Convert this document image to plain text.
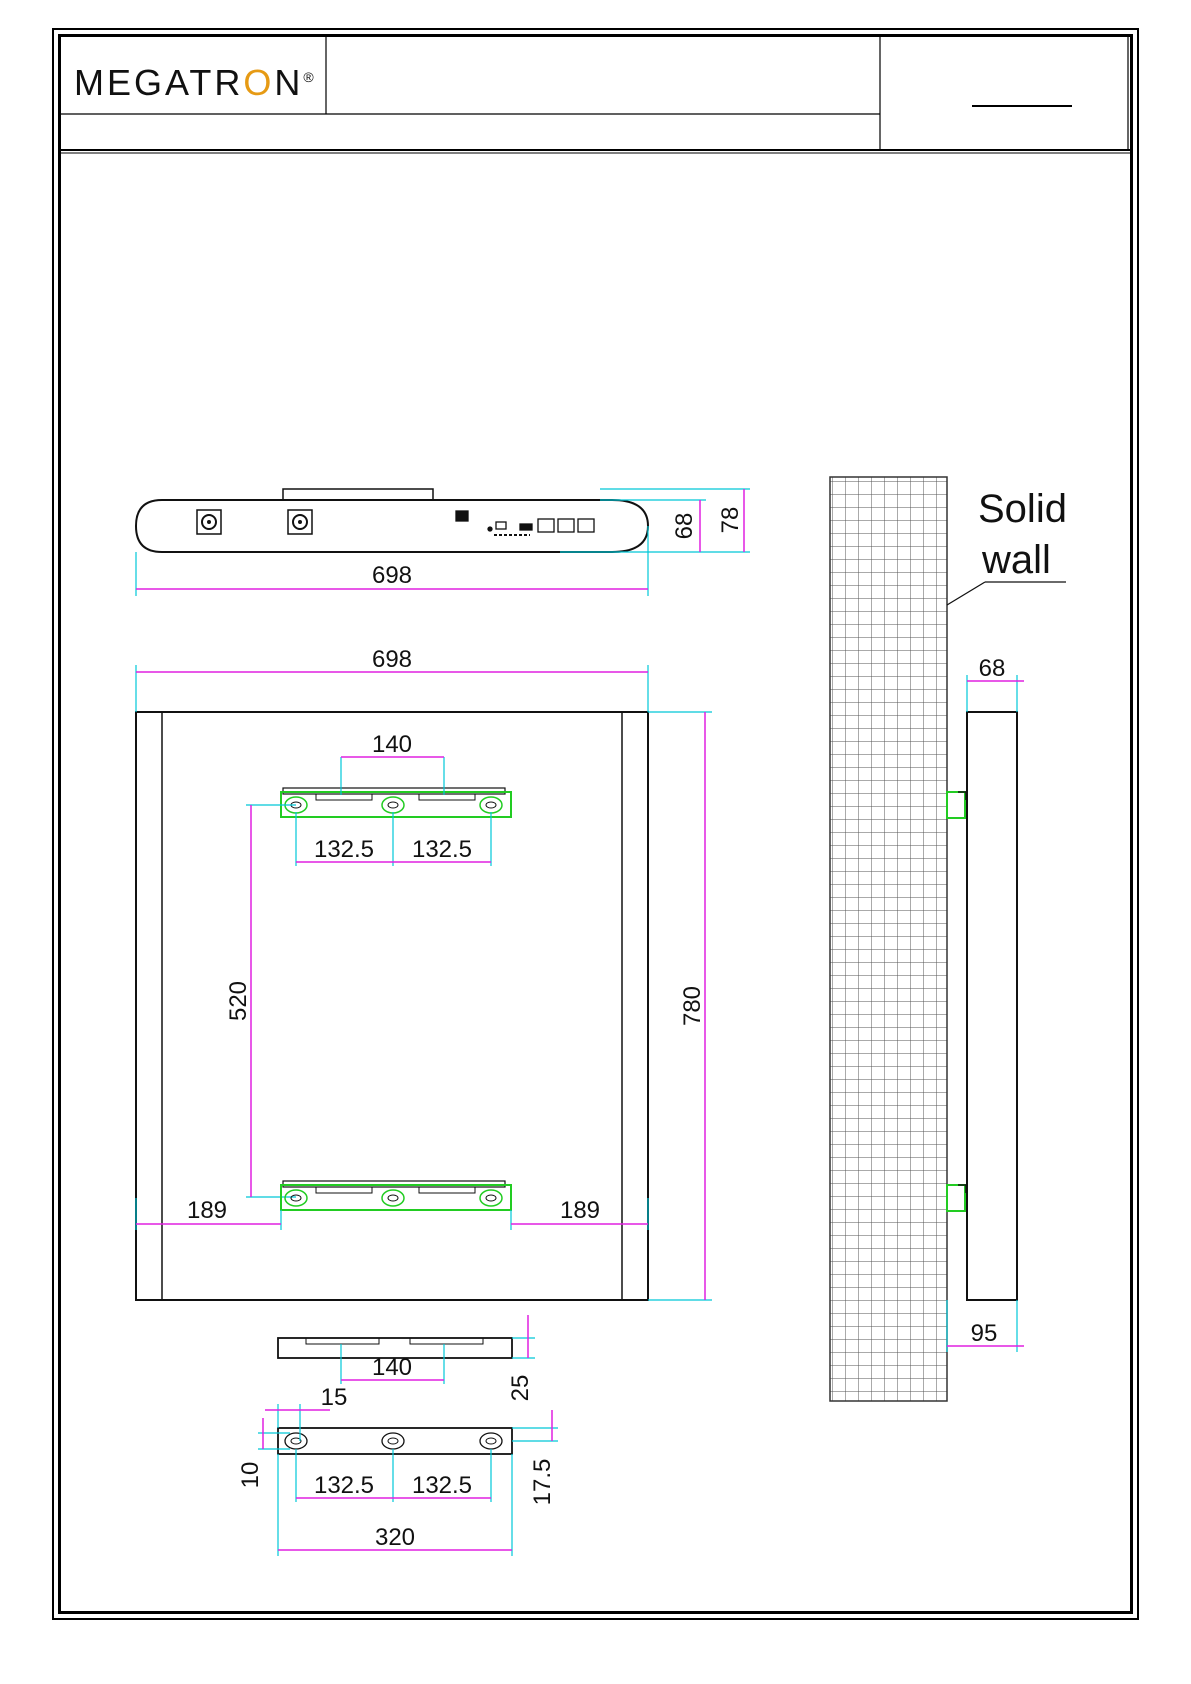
MEGATRON®
698
68 78
698
780
140
132.5 132.5
520
189	189
140
25
15
10 132.5 132.5 17.5
320
Solid
wall
68
95
